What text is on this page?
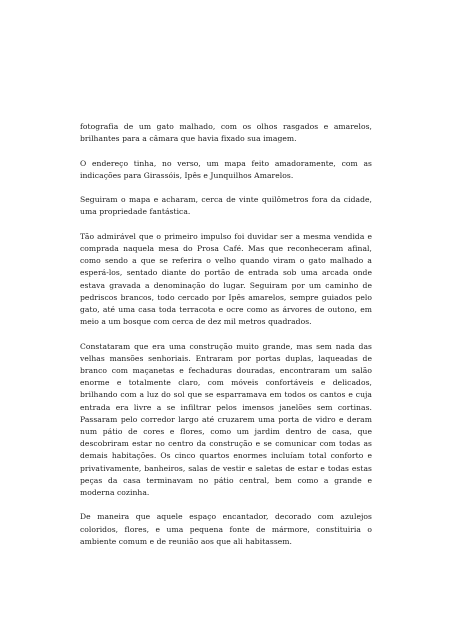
fotografia de um gato malhado, com os olhos rasgados e amarelos, brilhantes para a câmara que havia fixado sua imagem.

O endereço tinha, no verso, um mapa feito amadoramente, com as indicações para Girassóis, Ipês e Junquilhos Amarelos.

Seguiram o mapa e acharam, cerca de vinte quilômetros fora da cidade, uma propriedade fantástica.

Tão admirável que o primeiro impulso foi duvidar ser a mesma vendida e comprada naquela mesa do Prosa Café. Mas que reconheceram afinal, como sendo a que se referira o velho quando viram o gato malhado a esperá-los, sentado diante do portão de entrada sob uma arcada onde estava gravada a denominação do lugar. Seguiram por um caminho de pedriscos brancos, todo cercado por Ipês amarelos, sempre guiados pelo gato, até uma casa toda terracota e ocre como as árvores de outono, em meio a um bosque com cerca de dez mil metros quadrados.

Constataram que era uma construção muito grande, mas sem nada das velhas mansões senhoriais. Entraram por portas duplas, laqueadas de branco com maçanetas e fechaduras douradas, encontraram um salão enorme e totalmente claro, com móveis confortáveis e delicados, brilhando com a luz do sol que se esparramava em todos os cantos e cuja entrada era livre a se infiltrar pelos imensos janelões sem cortinas. Passaram pelo corredor largo até cruzarem uma porta de vidro e deram num pátio de cores e flores, como um jardim dentro de casa, que descobriram estar no centro da construção e se comunicar com todas as demais habitações. Os cinco quartos enormes incluíam total conforto e privativamente, banheiros, salas de vestir e saletas de estar e todas estas peças da casa terminavam no pátio central, bem como a grande e moderna cozinha.

De maneira que aquele espaço encantador, decorado com azulejos coloridos, flores, e uma pequena fonte de mármore, constituiria o ambiente comum e de reunião aos que ali habitassem.
